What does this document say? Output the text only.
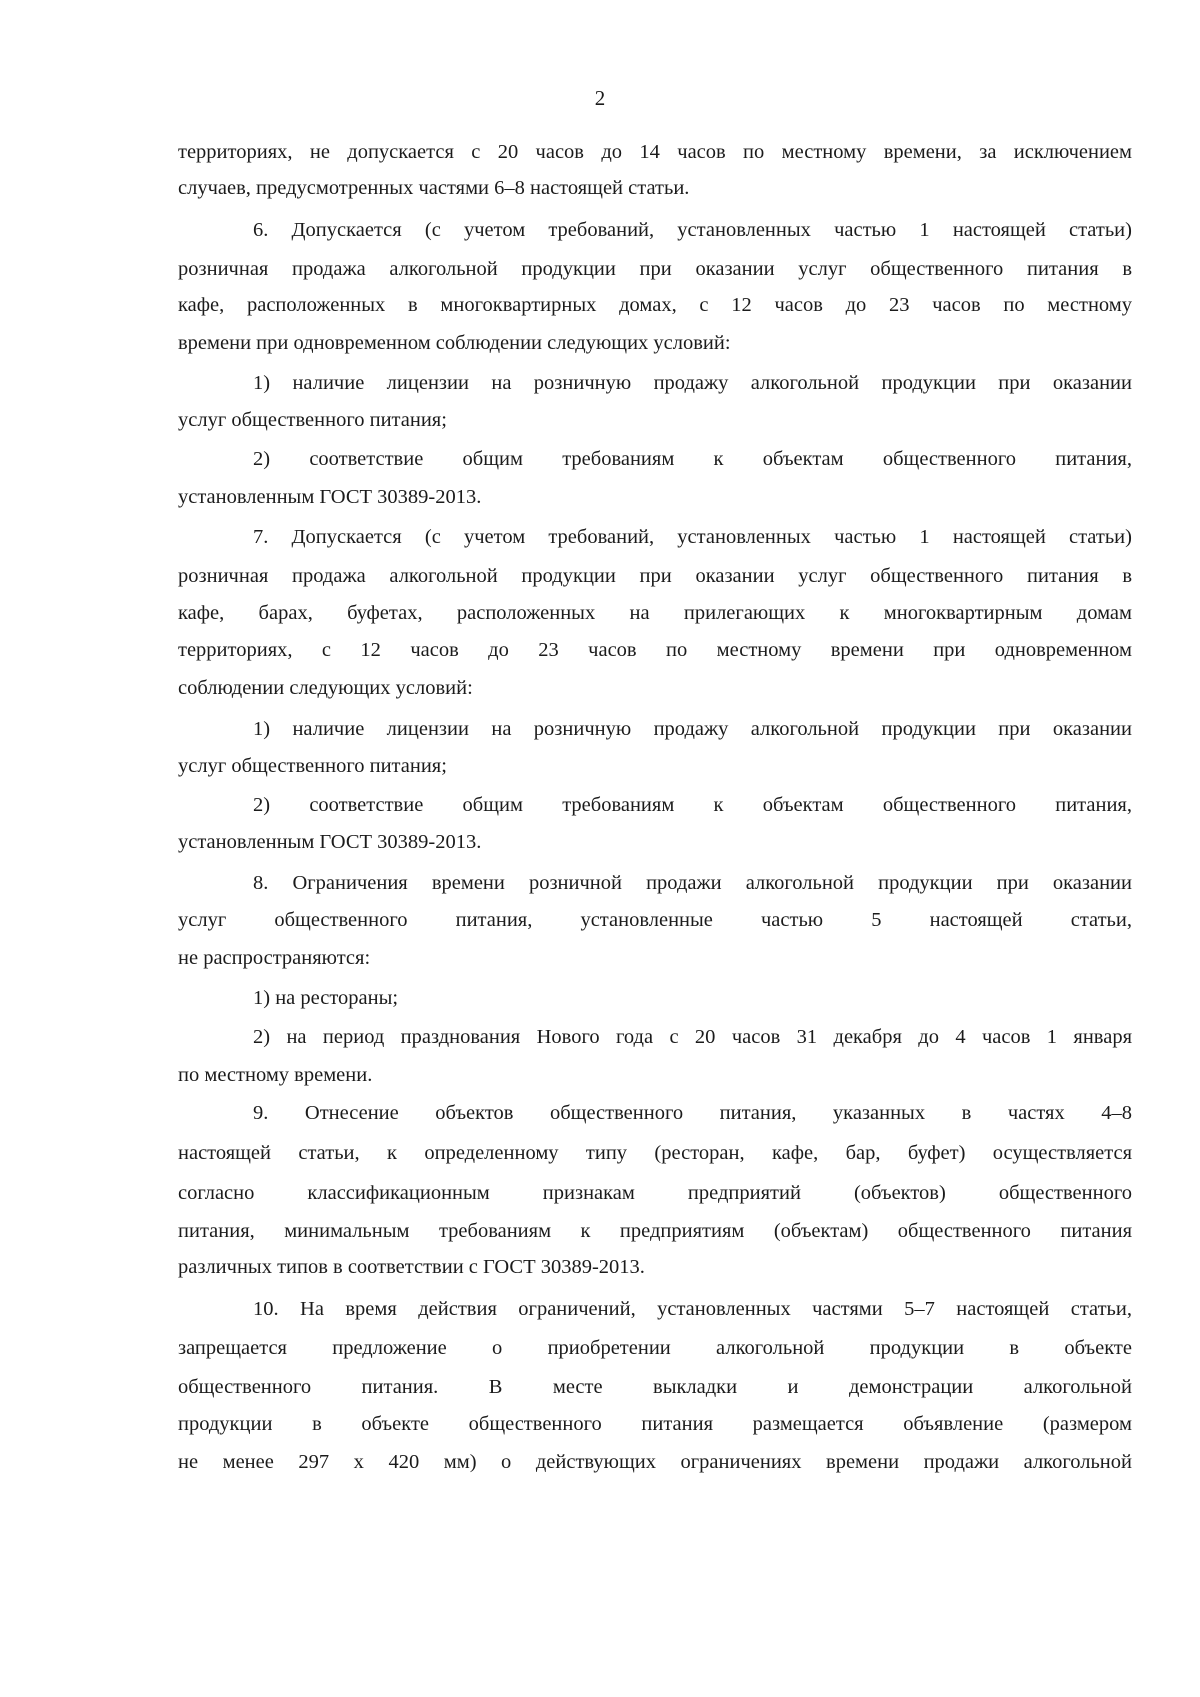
2

территориях, не допускается с 20 часов до 14 часов по местному времени, за исключением

случаев, предусмотренных частями 6–8 настоящей статьи.

6. Допускается (с учетом требований, установленных частью 1 настоящей статьи)

розничная продажа алкогольной продукции при оказании услуг общественного питания в

кафе, расположенных в многоквартирных домах, с 12 часов до 23 часов по местному

времени при одновременном соблюдении следующих условий:

1) наличие лицензии на розничную продажу алкогольной продукции при оказании

услуг общественного питания;

2) соответствие общим требованиям к объектам общественного питания,

установленным ГОСТ 30389-2013.

7. Допускается (с учетом требований, установленных частью 1 настоящей статьи)

розничная продажа алкогольной продукции при оказании услуг общественного питания в

кафе, барах, буфетах, расположенных на прилегающих к многоквартирным домам

территориях, с 12 часов до 23 часов по местному времени при одновременном

соблюдении следующих условий:

1) наличие лицензии на розничную продажу алкогольной продукции при оказании

услуг общественного питания;

2) соответствие общим требованиям к объектам общественного питания,

установленным ГОСТ 30389-2013.

8. Ограничения времени розничной продажи алкогольной продукции при оказании

услуг общественного питания, установленные частью 5 настоящей статьи,

не распространяются:

1) на рестораны;

2) на период празднования Нового года с 20 часов 31 декабря до 4 часов 1 января

по местному времени.

9. Отнесение объектов общественного питания, указанных в частях 4–8

настоящей статьи, к определенному типу (ресторан, кафе, бар, буфет) осуществляется

согласно классификационным признакам предприятий (объектов) общественного

питания, минимальным требованиям к предприятиям (объектам) общественного питания

различных типов в соответствии с ГОСТ 30389-2013.

10. На время действия ограничений, установленных частями 5–7 настоящей статьи,

запрещается предложение о приобретении алкогольной продукции в объекте

общественного питания. В месте выкладки и демонстрации алкогольной

продукции в объекте общественного питания размещается объявление (размером

не менее 297 х 420 мм) о действующих ограничениях времени продажи алкогольной
